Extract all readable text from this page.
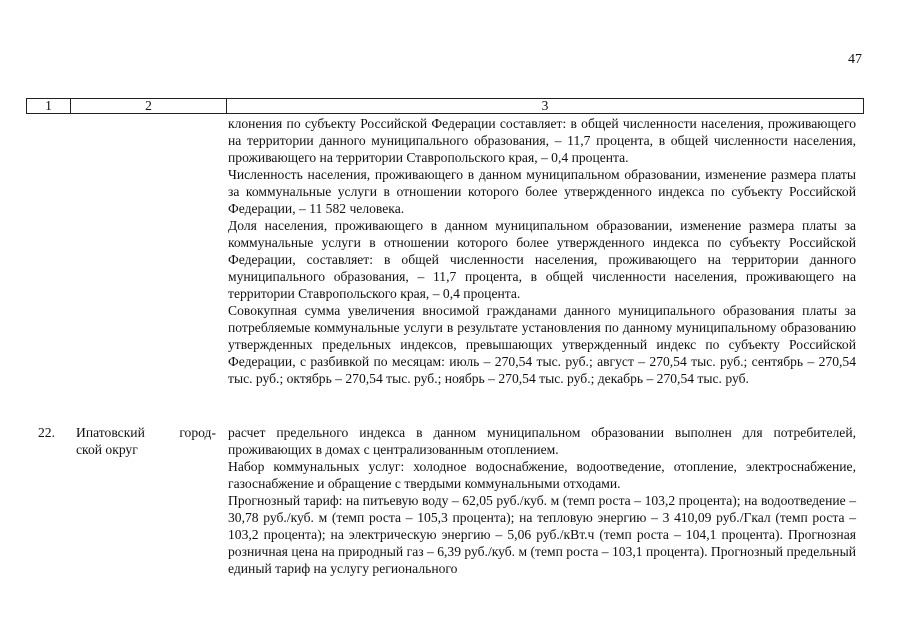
47
1	2	3

клонения по субъекту Российской Федерации составляет: в общей численности населения, проживающего на территории данного муниципального образования, – 11,7 процента, в общей численности населения, проживающего на территории Ставропольского края, – 0,4 процента.

Численность населения, проживающего в данном муниципальном образовании, изменение размера платы за коммунальные услуги в отношении которого более утвержденного индекса по субъекту Российской Федерации, – 11 582 человека.

Доля населения, проживающего в данном муниципальном образовании, изменение размера платы за коммунальные услуги в отношении которого более утвержденного индекса по субъекту Российской Федерации, составляет: в общей численности населения, проживающего на территории данного муниципального образования, – 11,7 процента, в общей численности населения, проживающего на территории Ставропольского края, – 0,4 процента.

Совокупная сумма увеличения вносимой гражданами данного муниципального образования платы за потребляемые коммунальные услуги в результате установления по данному муниципальному образованию утвержденных предельных индексов, превышающих утвержденный индекс по субъекту Российской Федерации, с разбивкой по месяцам: июль – 270,54 тыс. руб.; август – 270,54 тыс. руб.; сентябрь – 270,54 тыс. руб.; октябрь – 270,54 тыс. руб.; ноябрь – 270,54 тыс. руб.; декабрь – 270,54 тыс. руб.

22. Ипатовский город-
ской округ

расчет предельного индекса в данном муниципальном образовании выполнен для потребителей, проживающих в домах с централизованным отоплением.

Набор коммунальных услуг: холодное водоснабжение, водоотведение, отопление, электроснабжение, газоснабжение и обращение с твердыми коммунальными отходами.

Прогнозный тариф: на питьевую воду – 62,05 руб./куб. м (темп роста – 103,2 процента); на водоотведение – 30,78 руб./куб. м (темп роста – 105,3 процента); на тепловую энергию – 3 410,09 руб./Гкал (темп роста – 103,2 процента); на электрическую энергию – 5,06 руб./кВт.ч (темп роста – 104,1 процента). Прогнозная розничная цена на природный газ – 6,39 руб./куб. м (темп роста – 103,1 процента). Прогнозный предельный единый тариф на услугу регионального
